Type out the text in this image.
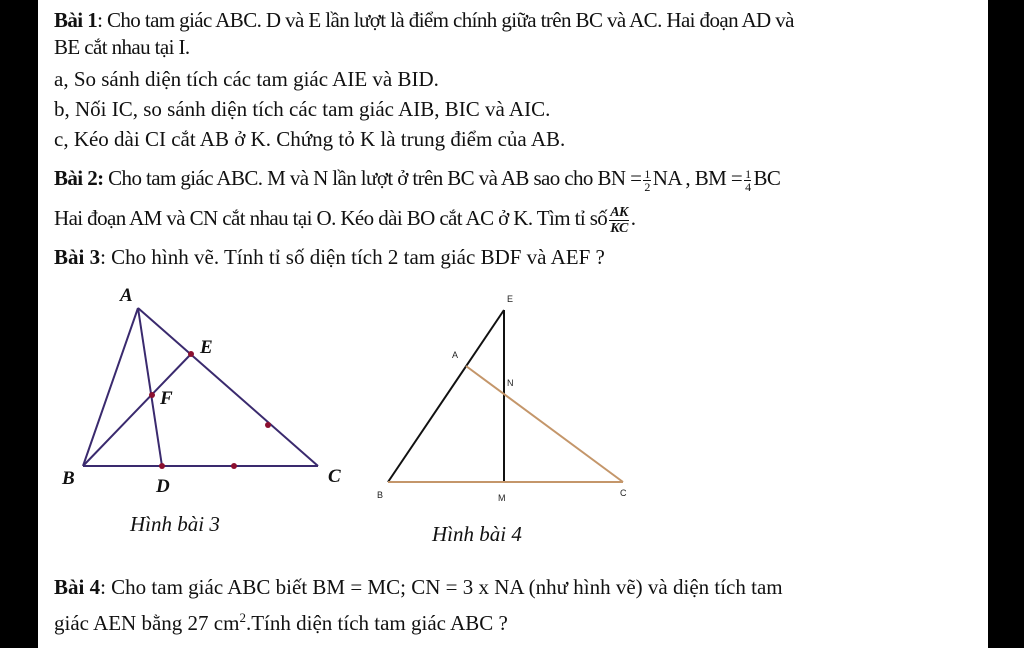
Bài 1: Cho tam giác ABC. D và E lần lượt là điểm chính giữa trên BC và AC. Hai đoạn AD và
BE cắt nhau tại I.
a, So sánh diện tích các tam giác AIE và BID.
b, Nối IC, so sánh diện tích các tam giác AIB, BIC và AIC.
c, Kéo dài CI cắt AB ở K. Chứng tỏ K là trung điểm của AB.
Bài 2: Cho tam giác ABC. M và N lần lượt ở trên BC và AB sao cho BN = $\frac{1}{2}$ NA , BM = $\frac{1}{4}$ BC
Hai đoạn AM và CN cắt nhau tại O. Kéo dài BO cắt AC ở K. Tìm tỉ số $\frac{AK}{KC}$ .
Bài 3: Cho hình vẽ. Tính tỉ số diện tích 2 tam giác BDF và AEF ?
A
E
F
B	D	C
Hình bài 3
E
A
N
B	M	C
Hình bài 4
Bài 4: Cho tam giác ABC biết BM = MC; CN = 3 x NA (như hình vẽ) và diện tích tam
giác AEN bằng 27 $cm^2.Tính$ diện tích tam giác ABC ?
